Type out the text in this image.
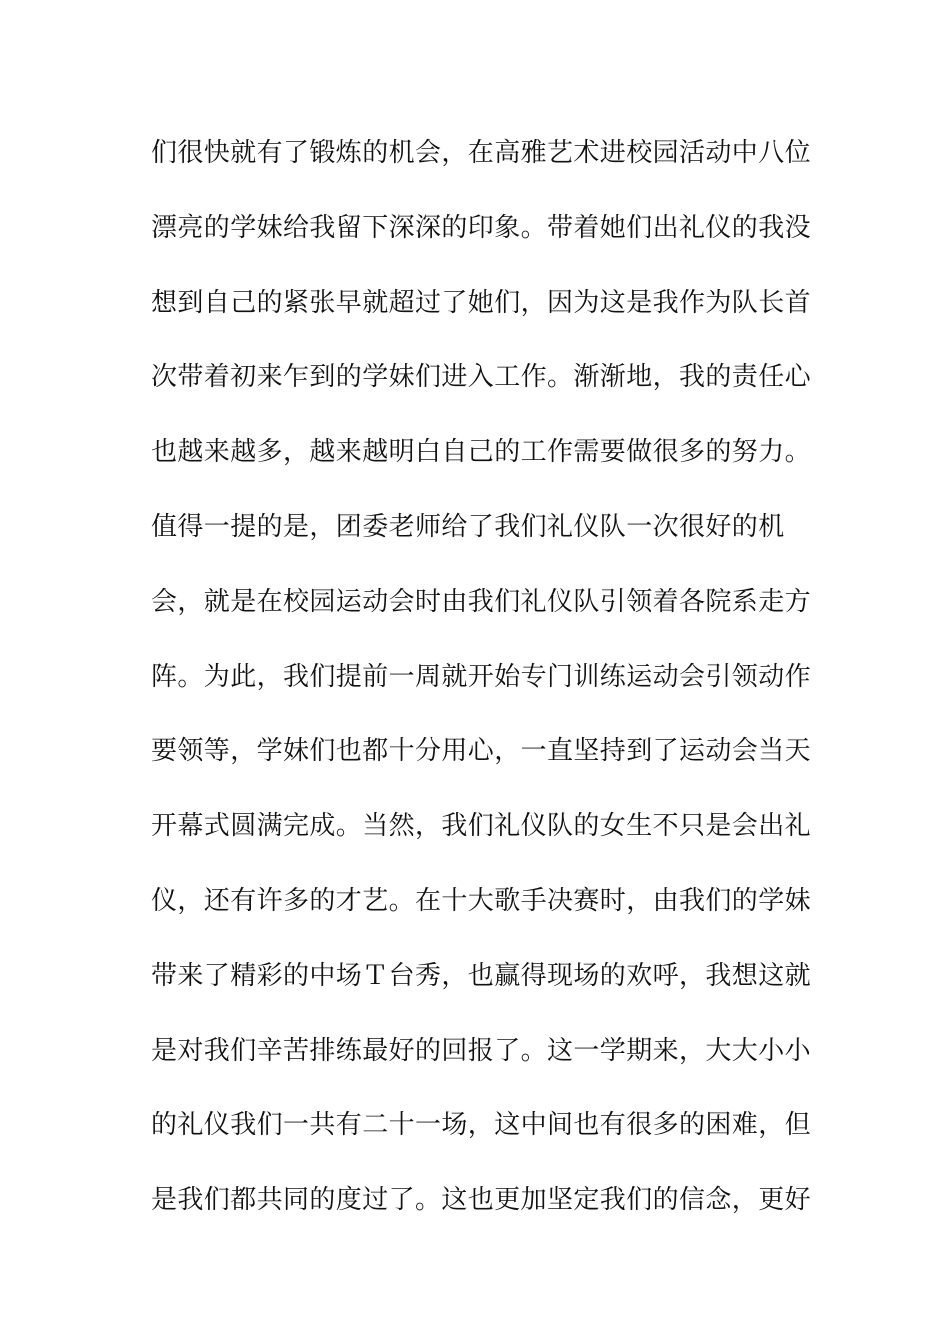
们很快就有了锻炼的机会，在高雅艺术进校园活动中八位
漂亮的学妹给我留下深深的印象。带着她们出礼仪的我没
想到自己的紧张早就超过了她们，因为这是我作为队长首
次带着初来乍到的学妹们进入工作。渐渐地，我的责任心
也越来越多，越来越明白自己的工作需要做很多的努力。
值得一提的是，团委老师给了我们礼仪队一次很好的机
会，就是在校园运动会时由我们礼仪队引领着各院系走方
阵。为此，我们提前一周就开始专门训练运动会引领动作
要领等，学妹们也都十分用心，一直坚持到了运动会当天
开幕式圆满完成。当然，我们礼仪队的女生不只是会出礼
仪，还有许多的才艺。在十大歌手决赛时，由我们的学妹
带来了精彩的中场Ｔ台秀，也赢得现场的欢呼，我想这就
是对我们辛苦排练最好的回报了。这一学期来，大大小小
的礼仪我们一共有二十一场，这中间也有很多的困难，但
是我们都共同的度过了。这也更加坚定我们的信念，更好
